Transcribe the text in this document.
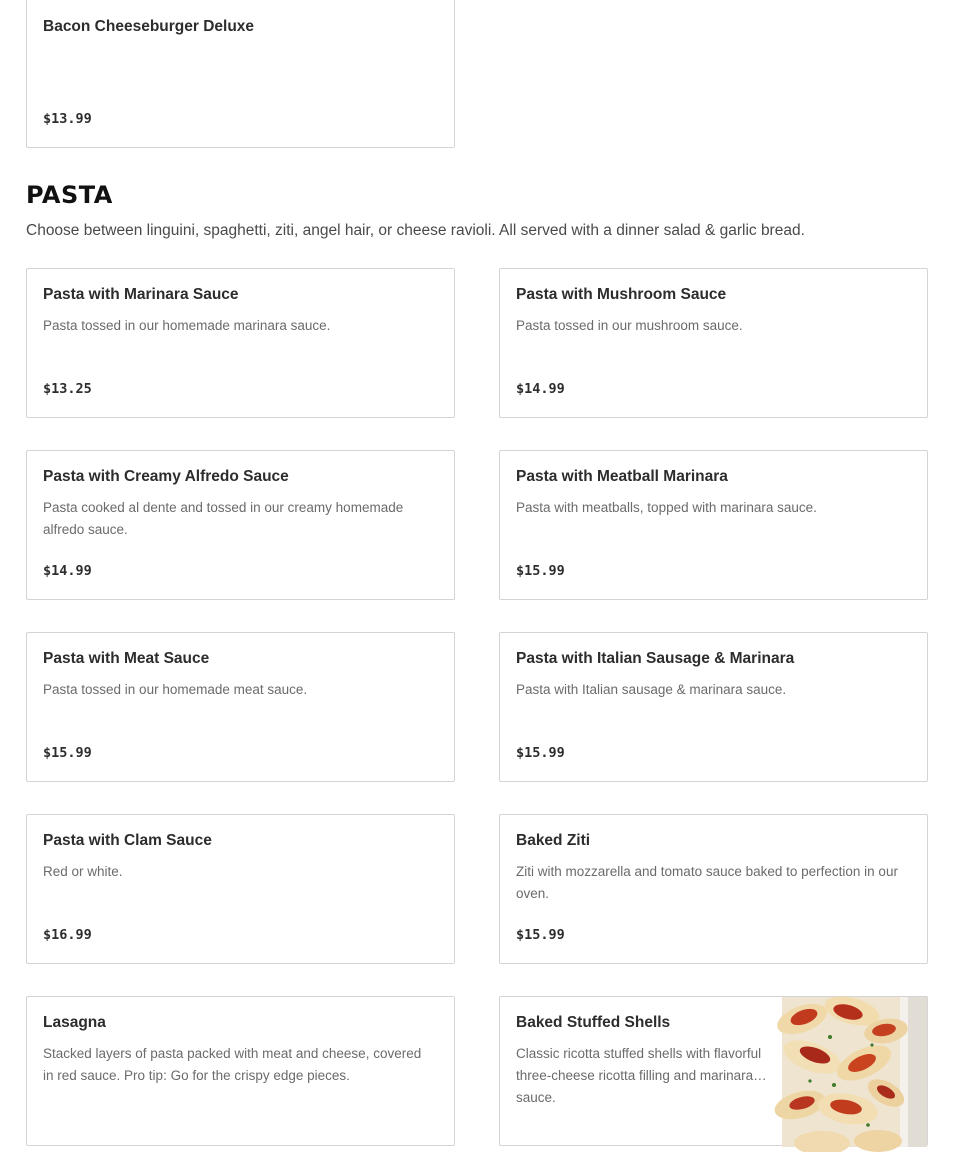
Bacon Cheeseburger Deluxe
$13.99
PASTA
Choose between linguini, spaghetti, ziti, angel hair, or cheese ravioli. All served with a dinner salad & garlic bread.
Pasta with Marinara Sauce
Pasta tossed in our homemade marinara sauce.
$13.25
Pasta with Mushroom Sauce
Pasta tossed in our mushroom sauce.
$14.99
Pasta with Creamy Alfredo Sauce
Pasta cooked al dente and tossed in our creamy homemade alfredo sauce.
$14.99
Pasta with Meatball Marinara
Pasta with meatballs, topped with marinara sauce.
$15.99
Pasta with Meat Sauce
Pasta tossed in our homemade meat sauce.
$15.99
Pasta with Italian Sausage & Marinara
Pasta with Italian sausage & marinara sauce.
$15.99
Pasta with Clam Sauce
Red or white.
$16.99
Baked Ziti
Ziti with mozzarella and tomato sauce baked to perfection in our oven.
$15.99
Lasagna
Stacked layers of pasta packed with meat and cheese, covered in red sauce. Pro tip: Go for the crispy edge pieces.
Baked Stuffed Shells
Classic ricotta stuffed shells with flavorful three-cheese ricotta filling and marinara sauce.
